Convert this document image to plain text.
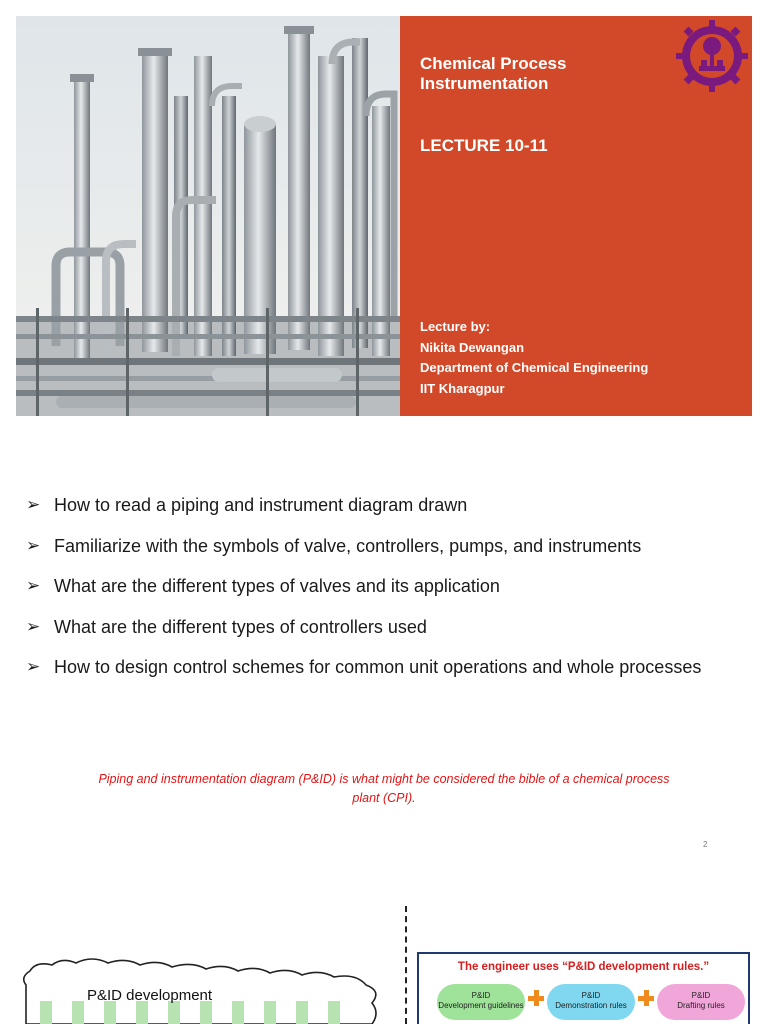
Chemical Process Instrumentation
LECTURE 10-11
Lecture by:
Nikita Dewangan
Department of Chemical Engineering
IIT Kharagpur
➢ How to read a piping and instrument diagram drawn
➢ Familiarize with the symbols of valve, controllers, pumps, and instruments
➢ What are the different types of valves and its application
➢ What are the different types of controllers used
➢ How to design control schemes for common unit operations and whole processes
Piping and instrumentation diagram (P&ID) is what might be considered the bible of a chemical process plant (CPI).
2
P&ID development
The engineer uses “P&ID development rules.”
P&ID
Development guidelines
P&ID
Demonstration rules
P&ID
Drafting rules
